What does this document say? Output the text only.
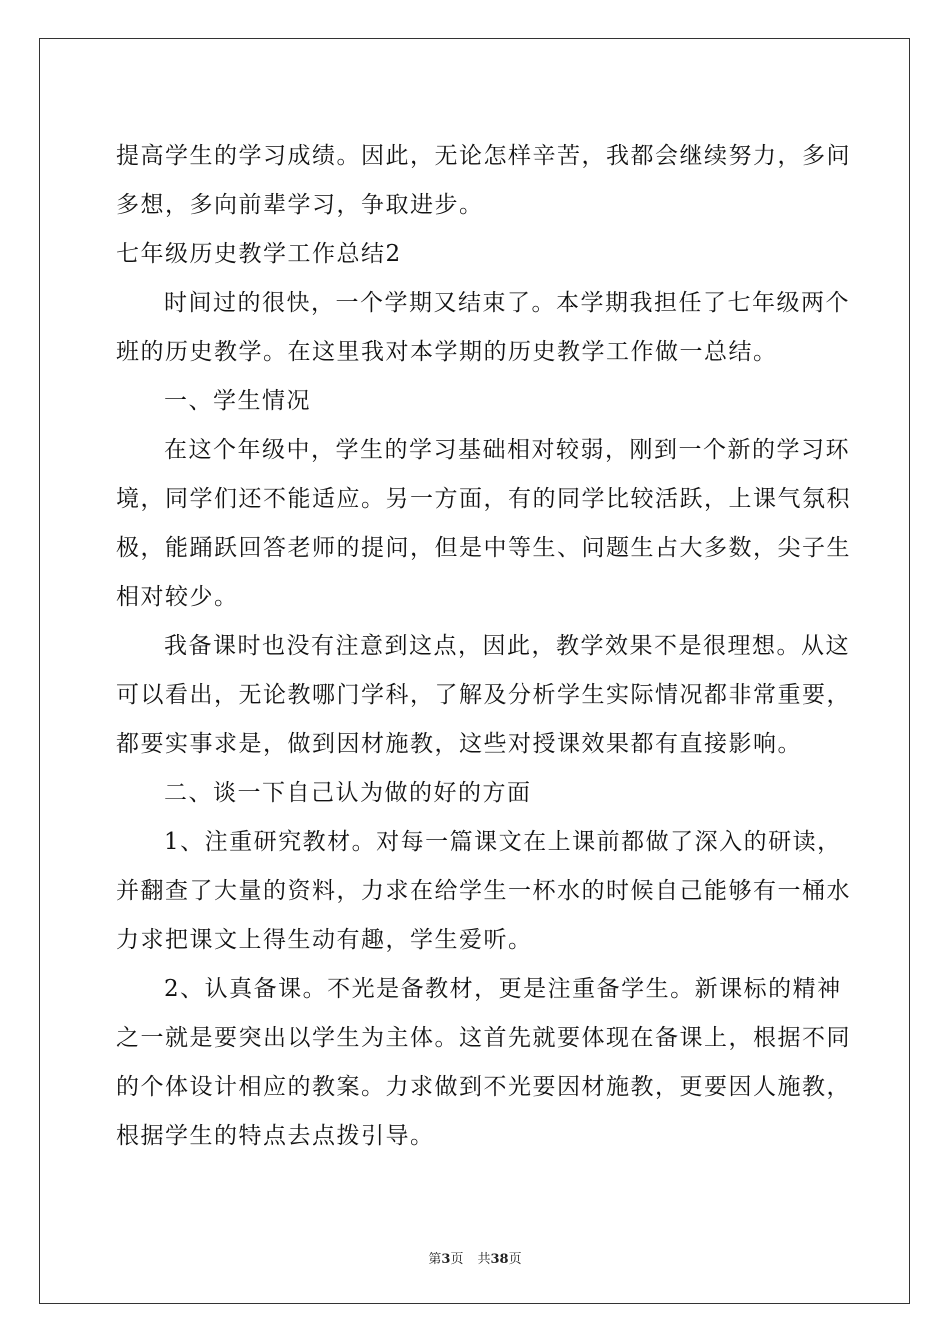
提高学生的学习成绩。因此，无论怎样辛苦，我都会继续努力，多问
多想，多向前辈学习，争取进步。
七年级历史教学工作总结2
时间过的很快，一个学期又结束了。本学期我担任了七年级两个
班的历史教学。在这里我对本学期的历史教学工作做一总结。
一、学生情况
在这个年级中，学生的学习基础相对较弱，刚到一个新的学习环
境，同学们还不能适应。另一方面，有的同学比较活跃，上课气氛积
极，能踊跃回答老师的提问，但是中等生、问题生占大多数，尖子生
相对较少。
我备课时也没有注意到这点，因此，教学效果不是很理想。从这
可以看出，无论教哪门学科，了解及分析学生实际情况都非常重要，
都要实事求是，做到因材施教，这些对授课效果都有直接影响。
二、谈一下自己认为做的好的方面
1、注重研究教材。对每一篇课文在上课前都做了深入的研读，
并翻查了大量的资料，力求在给学生一杯水的时候自己能够有一桶水
力求把课文上得生动有趣，学生爱听。
2、认真备课。不光是备教材，更是注重备学生。新课标的精神
之一就是要突出以学生为主体。这首先就要体现在备课上，根据不同
的个体设计相应的教案。力求做到不光要因材施教，更要因人施教，
根据学生的特点去点拨引导。
第3页 共38页
